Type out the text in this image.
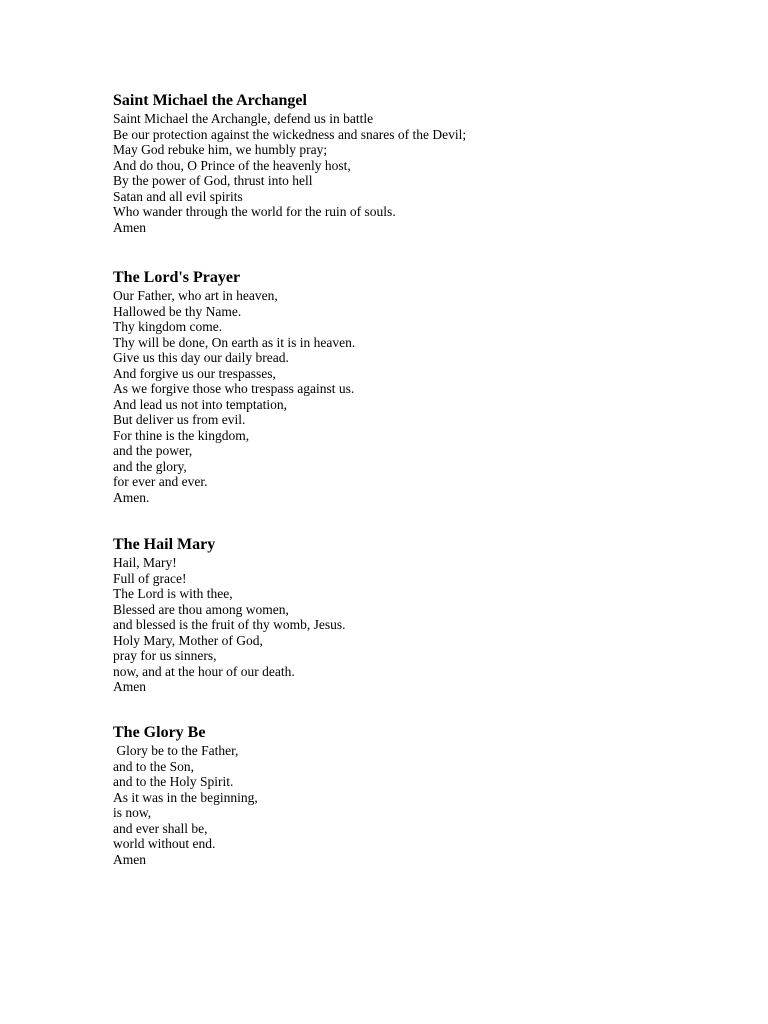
Saint Michael the Archangel
Saint Michael the Archangle, defend us in battle
Be our protection against the wickedness and snares of the Devil;
May God rebuke him, we humbly pray;
And do thou, O Prince of the heavenly host,
By the power of God, thrust into hell
Satan and all evil spirits
Who wander through the world for the ruin of souls.
Amen
The Lord's Prayer
Our Father, who art in heaven,
Hallowed be thy Name.
Thy kingdom come.
Thy will be done, On earth as it is in heaven.
Give us this day our daily bread.
And forgive us our trespasses,
As we forgive those who trespass against us.
And lead us not into temptation,
But deliver us from evil.
For thine is the kingdom,
and the power,
and the glory,
for ever and ever.
Amen.
The Hail Mary
Hail, Mary!
Full of grace!
The Lord is with thee,
Blessed are thou among women,
and blessed is the fruit of thy womb, Jesus.
Holy Mary, Mother of God,
pray for us sinners,
now, and at the hour of our death.
Amen
The Glory Be
Glory be to the Father,
and to the Son,
and to the Holy Spirit.
As it was in the beginning,
is now,
and ever shall be,
world without end.
Amen
